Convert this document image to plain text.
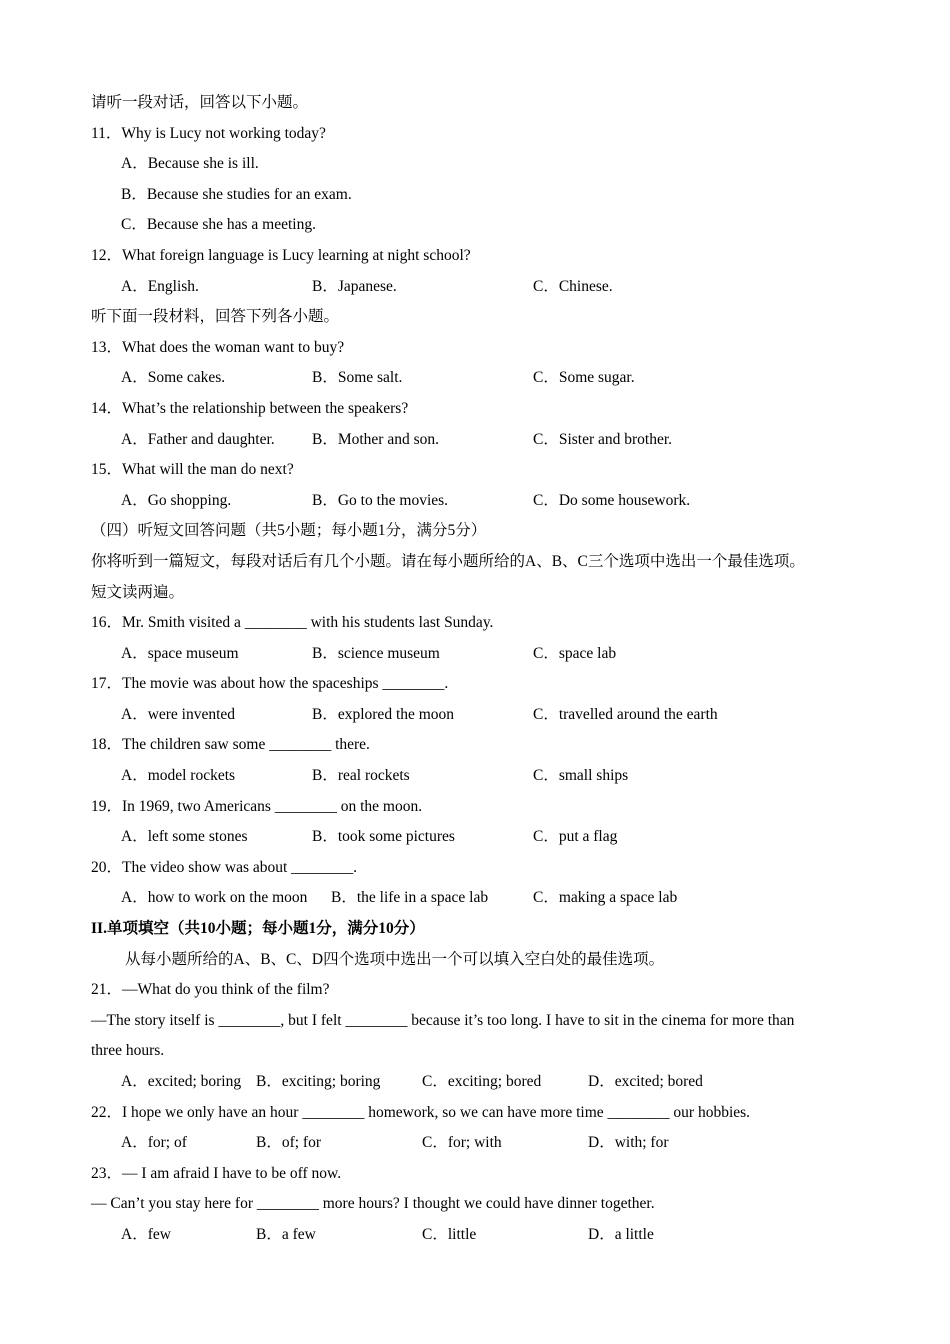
请听一段对话，回答以下小题。
11．Why is Lucy not working today?
A．Because she is ill.
B．Because she studies for an exam.
C．Because she has a meeting.
12．What foreign language is Lucy learning at night school?
A．English.	B．Japanese.	C．Chinese.
听下面一段材料，回答下列各小题。
13．What does the woman want to buy?
A．Some cakes.	B．Some salt.	C．Some sugar.
14．What’s the relationship between the speakers?
A．Father and daughter. B．Mother and son.	C．Sister and brother.
15．What will the man do next?
A．Go shopping.	B．Go to the movies.	C．Do some housework.
（四）听短文回答问题（共5小题；每小题1分，满分5分）
你将听到一篇短文，每段对话后有几个小题。请在每小题所给的A、B、C三个选项中选出一个最佳选项。
短文读两遍。
16．Mr. Smith visited a ________ with his students last Sunday.
A．space museum	B．science museum	C．space lab
17．The movie was about how the spaceships ________.
A．were invented	B．explored the moon	C．travelled around the earth
18．The children saw some ________ there.
A．model rockets	B．real rockets	C．small ships
19．In 1969, two Americans ________ on the moon.
A．left some stones	B．took some pictures	C．put a flag
20．The video show was about ________.
A．how to work on the moon B．the life in a space lab	C．making a space lab
II.单项填空（共10小题；每小题1分，满分10分）
从每小题所给的A、B、C、D四个选项中选出一个可以填入空白处的最佳选项。
21．—What do you think of the film?
—The story itself is ________, but I felt ________ because it’s too long. I have to sit in the cinema for more than
three hours.
A．excited; boring B．exciting; boring	C．exciting; bored	D．excited; bored
22．I hope we only have an hour ________ homework, so we can have more time ________ our hobbies.
A．for; of	B．of; for	C．for; with	D．with; for
23．— I am afraid I have to be off now.
— Can’t you stay here for ________ more hours? I thought we could have dinner together.
A．few	B．a few	C．little	D．a little
